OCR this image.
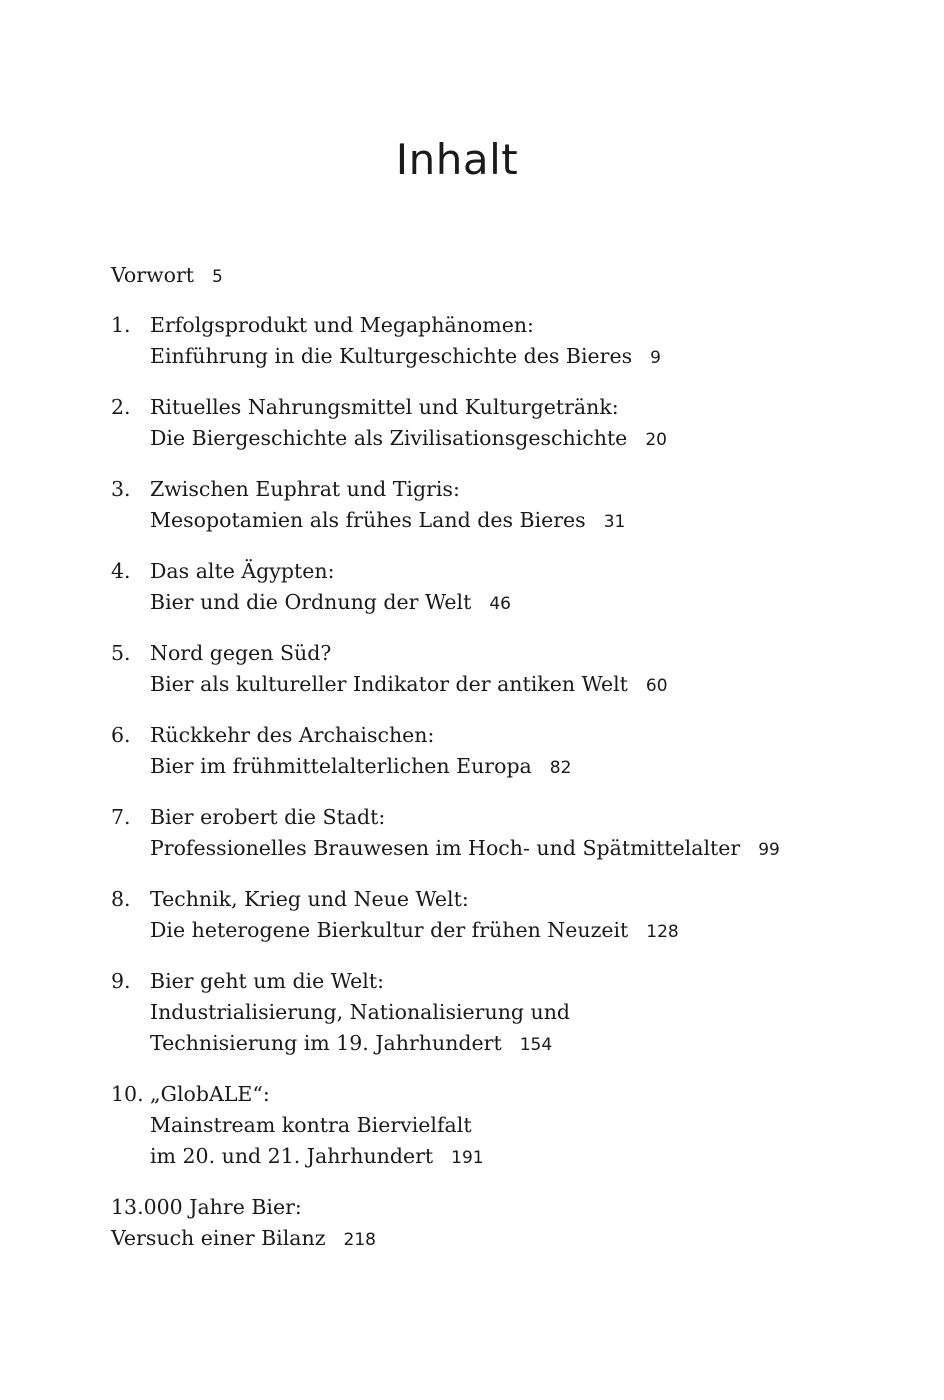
Inhalt
Vorwort 5
1. Erfolgsprodukt und Megaphänomen:
Einführung in die Kulturgeschichte des Bieres 9
2. Rituelles Nahrungsmittel und Kulturgetränk:
Die Biergeschichte als Zivilisationsgeschichte 20
3. Zwischen Euphrat und Tigris:
Mesopotamien als frühes Land des Bieres 31
4. Das alte Ägypten:
Bier und die Ordnung der Welt 46
5. Nord gegen Süd?
Bier als kultureller Indikator der antiken Welt 60
6. Rückkehr des Archaischen:
Bier im frühmittelalterlichen Europa 82
7. Bier erobert die Stadt:
Professionelles Brauwesen im Hoch- und Spätmittelalter 99
8. Technik, Krieg und Neue Welt:
Die heterogene Bierkultur der frühen Neuzeit 128
9. Bier geht um die Welt:
Industrialisierung, Nationalisierung und
Technisierung im 19. Jahrhundert 154
10. „GlobALE“:
Mainstream kontra Biervielfalt
im 20. und 21. Jahrhundert 191
13.000 Jahre Bier:
Versuch einer Bilanz 218
